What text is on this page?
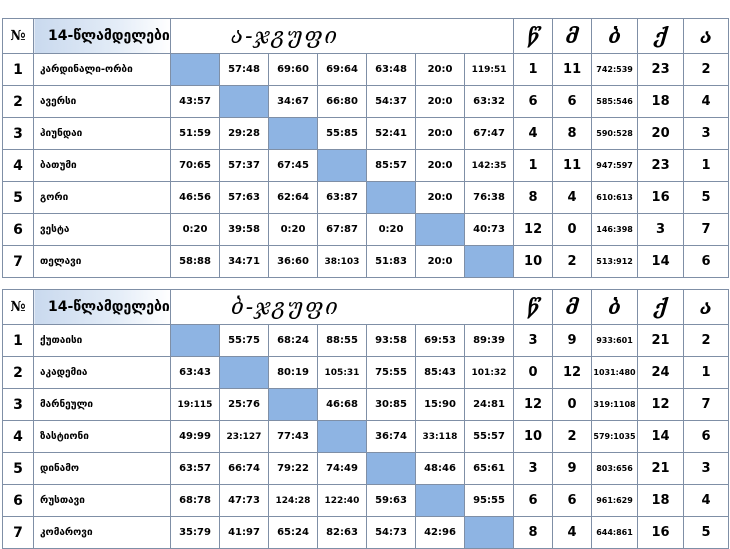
№	14-წლამდელები	ა-ჯგუფი							წ	მ	ბ	ქ	ა
1	კარდინალი-ორბი		57:48	69:60	69:64	63:48	20:0	119:51	1	11	742:539	23	2
2	ავერსი	43:57		34:67	66:80	54:37	20:0	63:32	6	6	585:546	18	4
3	ჰიუნდაი	51:59	29:28		55:85	52:41	20:0	67:47	4	8	590:528	20	3
4	ბათუმი	70:65	57:37	67:45		85:57	20:0	142:35	1	11	947:597	23	1
5	გორი	46:56	57:63	62:64	63:87		20:0	76:38	8	4	610:613	16	5
6	ვესტა	0:20	39:58	0:20	67:87	0:20		40:73	12	0	146:398	3	7
7	თელავი	58:88	34:71	36:60	38:103	51:83	20:0		10	2	513:912	14	6
№	14-წლამდელები	ბ-ჯგუფი							წ	მ	ბ	ქ	ა
1	ქუთაისი		55:75	68:24	88:55	93:58	69:53	89:39	3	9	933:601	21	2
2	აკადემია	63:43		80:19	105:31	75:55	85:43	101:32	0	12	1031:480	24	1
3	მარნეული	19:115	25:76		46:68	30:85	15:90	24:81	12	0	319:1108	12	7
4	ზასტიონი	49:99	23:127	77:43		36:74	33:118	55:57	10	2	579:1035	14	6
5	დინამო	63:57	66:74	79:22	74:49		48:46	65:61	3	9	803:656	21	3
6	რუსთავი	68:78	47:73	124:28	122:40	59:63		95:55	6	6	961:629	18	4
7	კომაროვი	35:79	41:97	65:24	82:63	54:73	42:96		8	4	644:861	16	5
